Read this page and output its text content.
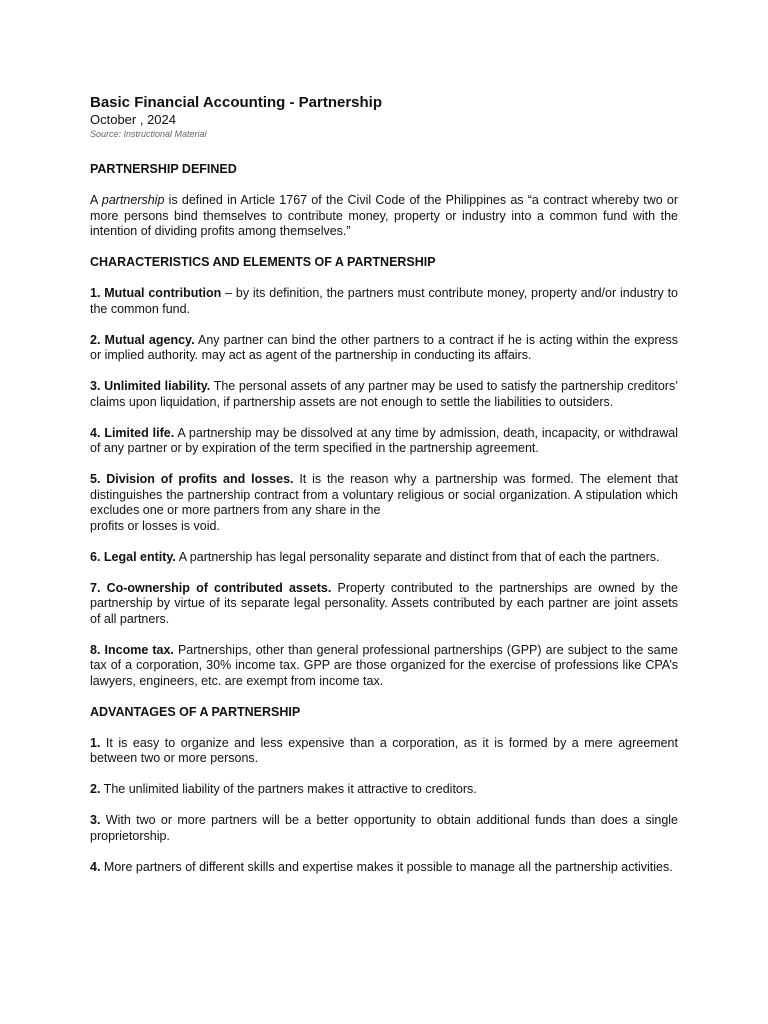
Basic Financial Accounting - Partnership

October , 2024

Source: Instructional Material

PARTNERSHIP DEFINED

A partnership is defined in Article 1767 of the Civil Code of the Philippines as “a contract whereby two or more persons bind themselves to contribute money, property or industry into a common fund with the intention of dividing profits among themselves.”

CHARACTERISTICS AND ELEMENTS OF A PARTNERSHIP

1. Mutual contribution – by its definition, the partners must contribute money, property and/or industry to the common fund.

2. Mutual agency. Any partner can bind the other partners to a contract if he is acting within the express or implied authority. may act as agent of the partnership in conducting its affairs.

3. Unlimited liability. The personal assets of any partner may be used to satisfy the partnership creditors’ claims upon liquidation, if partnership assets are not enough to settle the liabilities to outsiders.

4. Limited life. A partnership may be dissolved at any time by admission, death, incapacity, or withdrawal of any partner or by expiration of the term specified in the partnership agreement.

5. Division of profits and losses. It is the reason why a partnership was formed. The element that distinguishes the partnership contract from a voluntary religious or social organization. A stipulation which excludes one or more partners from any share in the
profits or losses is void.

6. Legal entity. A partnership has legal personality separate and distinct from that of each the partners.

7. Co-ownership of contributed assets. Property contributed to the partnerships are owned by the partnership by virtue of its separate legal personality. Assets contributed by each partner are joint assets of all partners.

8. Income tax. Partnerships, other than general professional partnerships (GPP) are subject to the same tax of a corporation, 30% income tax. GPP are those organized for the exercise of professions like CPA’s lawyers, engineers, etc. are exempt from income tax.

ADVANTAGES OF A PARTNERSHIP

1. It is easy to organize and less expensive than a corporation, as it is formed by a mere agreement between two or more persons.

2. The unlimited liability of the partners makes it attractive to creditors.

3. With two or more partners will be a better opportunity to obtain additional funds than does a single proprietorship.

4. More partners of different skills and expertise makes it possible to manage all the partnership activities.
